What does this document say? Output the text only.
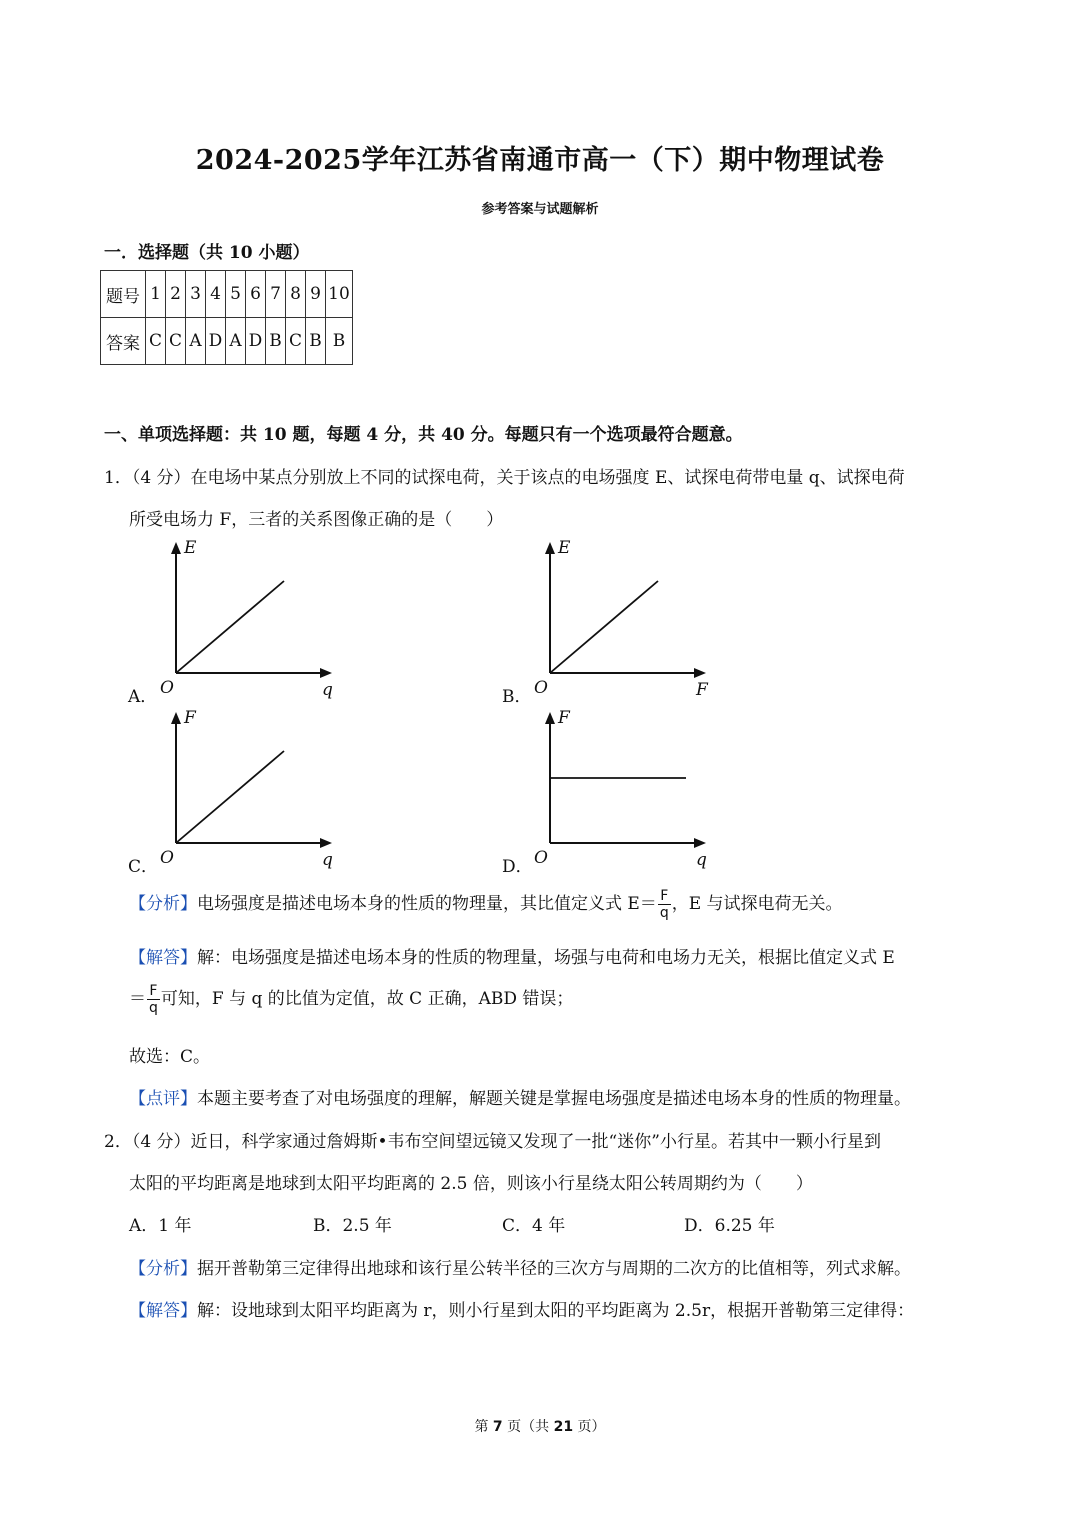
2024-2025学年江苏省南通市高一（下）期中物理试卷
参考答案与试题解析
一．选择题（共 10 小题）
题号	1	2	3	4	5	6	7	8	9	10
答案	C	C	A	D	A	D	B	C	B	B
一、单项选择题：共 10 题，每题 4 分，共 40 分。每题只有一个选项最符合题意。
1．（4 分）在电场中某点分别放上不同的试探电荷，关于该点的电场强度 E、试探电荷带电量 q、试探电荷
所受电场力 F，三者的关系图像正确的是（　　）
A．
E
O	q	B．
E
O	F
C．
F
O	q	D．
F
O	q
【分析】电场强度是描述电场本身的性质的物理量，其比值定义式 $E= \frac{F}{q}$ ，E 与试探电荷无关。
【解答】解：电场强度是描述电场本身的性质的物理量，场强与电荷和电场力无关，根据比值定义式 E
＝ $\frac{F}{q}$ 可知，F 与 q 的比值为定值，故 C 正确，ABD 错误；
故选：C。
【点评】本题主要考查了对电场强度的理解，解题关键是掌握电场强度是描述电场本身的性质的物理量。
2．（4 分）近日，科学家通过詹姆斯•韦布空间望远镜又发现了一批“迷你”小行星。若其中一颗小行星到
太阳的平均距离是地球到太阳平均距离的 2.5 倍，则该小行星绕太阳公转周期约为（　　）
A．1 年	B．2.5 年	C．4 年	D．6.25 年
【分析】据开普勒第三定律得出地球和该行星公转半径的三次方与周期的二次方的比值相等，列式求解。
【解答】解：设地球到太阳平均距离为 r，则小行星到太阳的平均距离为 2.5r，根据开普勒第三定律得：
第 7 页（共 21 页）
